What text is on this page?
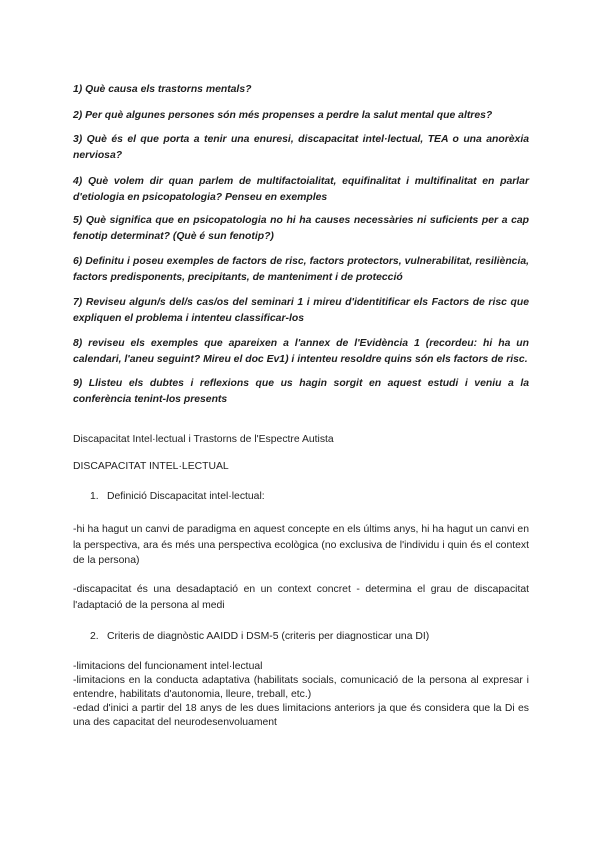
1) Què causa els trastorns mentals?
2) Per què algunes persones són més propenses a perdre la salut mental que altres?
3) Què és el que porta a tenir una enuresi, discapacitat intel·lectual, TEA o una anorèxia nerviosa?
4) Què volem dir quan parlem de multifactoialitat, equifinalitat i multifinalitat en parlar d'etiologia en psicopatologia? Penseu en exemples
5) Què significa que en psicopatologia no hi ha causes necessàries ni suficients per a cap fenotip determinat? (Què é sun fenotip?)
6) Definitu i poseu exemples de factors de risc, factors protectors, vulnerabilitat, resiliència, factors predisponents, precipitants, de manteniment i de protecció
7) Reviseu algun/s del/s cas/os del seminari 1 i mireu d'identitificar els Factors de risc que expliquen el problema i intenteu classificar-los
8) reviseu els exemples que apareixen a l'annex de l'Evidència 1 (recordeu: hi ha un calendari, l'aneu seguint? Mireu el doc Ev1) i intenteu resoldre quins són els factors de risc.
9) Llisteu els dubtes i reflexions que us hagin sorgit en aquest estudi i veniu a la conferència tenint-los presents
Discapacitat Intel·lectual i Trastorns de l'Espectre Autista
DISCAPACITAT INTEL·LECTUAL
1. Definició Discapacitat intel·lectual:
-hi ha hagut un canvi de paradigma en aquest concepte en els últims anys, hi ha hagut un canvi en la perspectiva, ara és més una perspectiva ecològica (no exclusiva de l'individu i quin és el context de la persona)
-discapacitat és una desadaptació en un context concret - determina el grau de discapacitat l'adaptació de la persona al medi
2. Criteris de diagnòstic AAIDD i DSM-5 (criteris per diagnosticar una DI)
-limitacions del funcionament intel·lectual
-limitacions en la conducta adaptativa (habilitats socials, comunicació de la persona al expresar i entendre, habilitats d'autonomia, lleure, treball, etc.)
-edad d'inici a partir del 18 anys de les dues limitacions anteriors ja que és considera que la Di es una des capacitat del neurodesenvoluament
